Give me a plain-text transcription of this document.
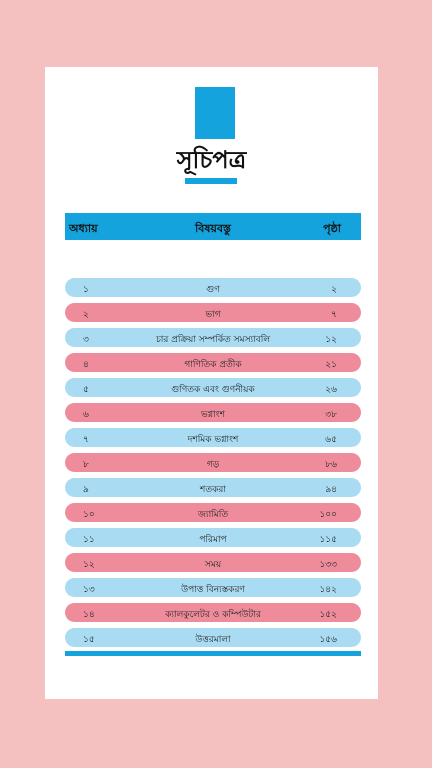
সূচিপত্র
অধ্যায়	বিষয়বস্তু	পৃষ্ঠা
১	গুণ	২
২	ভাগ	৭
৩	চার প্রক্রিয়া সম্পর্কিত সমস্যাবলি	১২
৪	গাণিতিক প্রতীক	২১
৫	গুণিতক এবং গুণনীয়ক	২৬
৬	ভগ্নাংশ	৩৮
৭	দশমিক ভগ্নাংশ	৬৫
৮	গড়	৮৬
৯	শতকরা	৯৪
১০	জ্যামিতি	১০০
১১	পরিমাপ	১১৫
১২	সময়	১৩৩
১৩	উপাত্ত বিন্যস্তকরণ	১৪২
১৪	ক্যালকুলেটর ও কম্পিউটার	১৫২
১৫	উত্তরমালা	১৫৬
